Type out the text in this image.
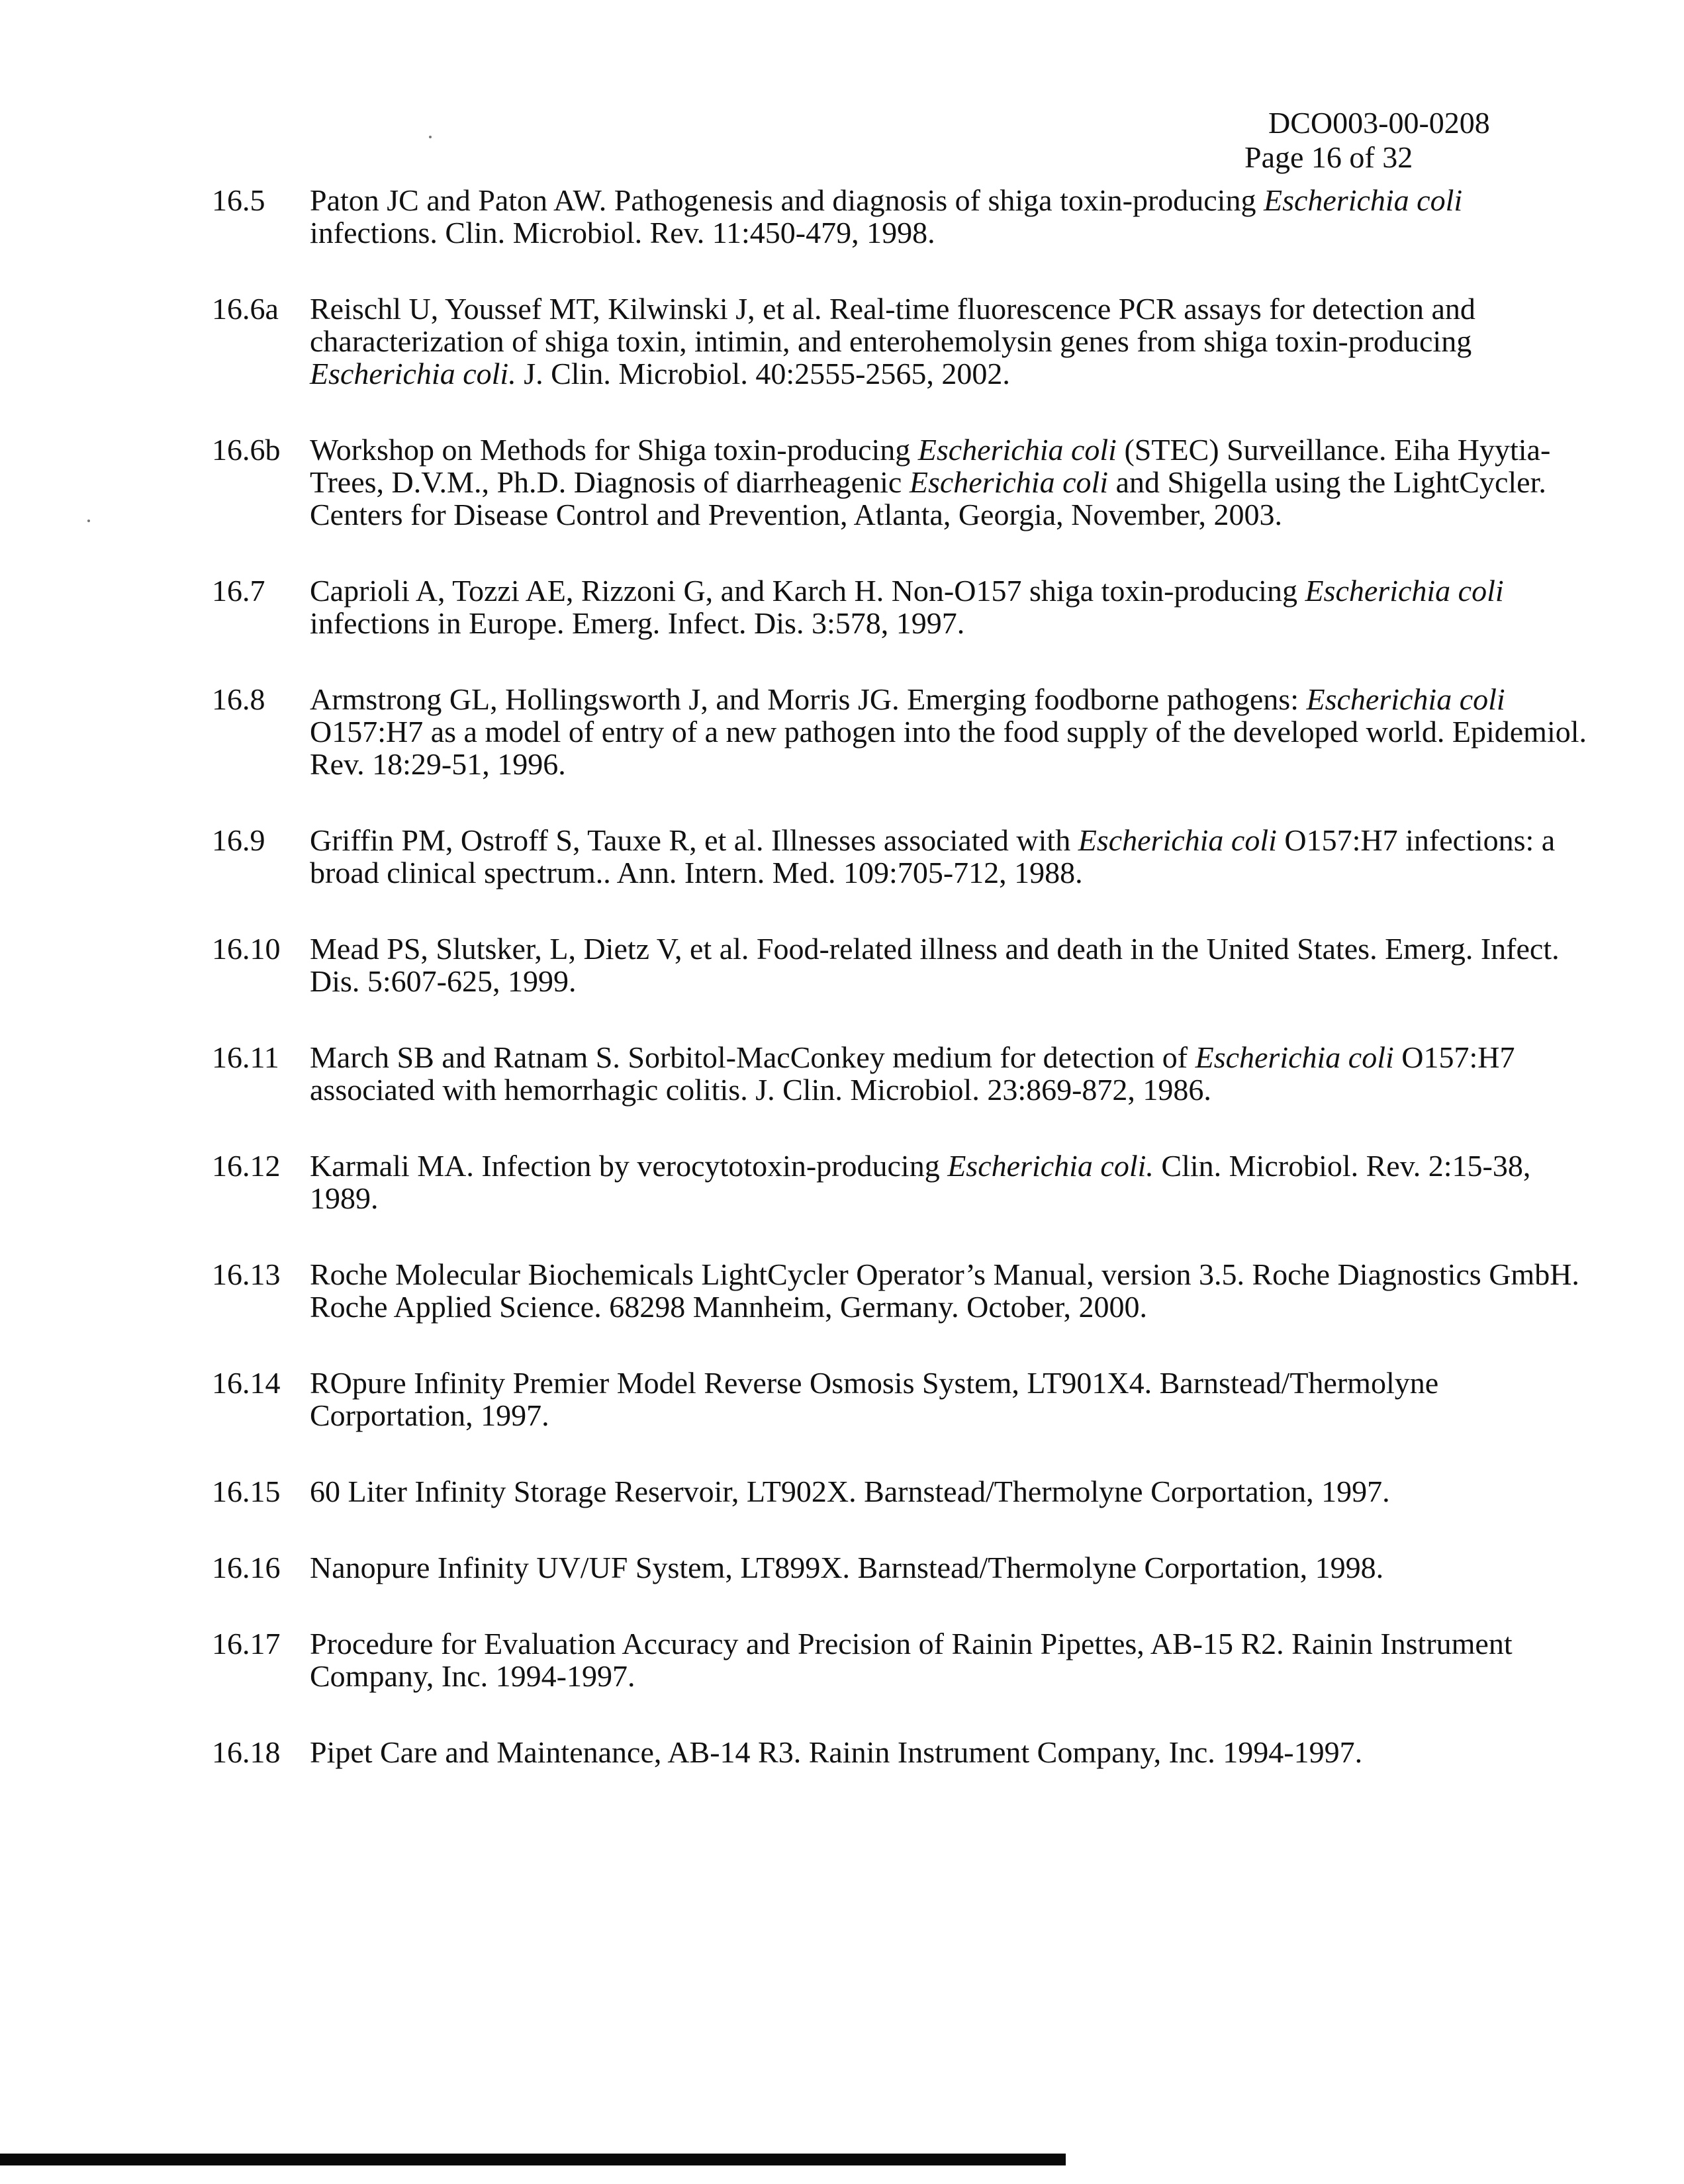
DCO003-00-0208
Page 16 of 32
16.5 Paton JC and Paton AW. Pathogenesis and diagnosis of shiga toxin-producing Escherichia coli infections. Clin. Microbiol. Rev. 11:450-479, 1998.
16.6a Reischl U, Youssef MT, Kilwinski J, et al. Real-time fluorescence PCR assays for detection and characterization of shiga toxin, intimin, and enterohemolysin genes from shiga toxin-producing Escherichia coli. J. Clin. Microbiol. 40:2555-2565, 2002.
16.6b Workshop on Methods for Shiga toxin-producing Escherichia coli (STEC) Surveillance. Eiha Hyytia-Trees, D.V.M., Ph.D. Diagnosis of diarrheagenic Escherichia coli and Shigella using the LightCycler. Centers for Disease Control and Prevention, Atlanta, Georgia, November, 2003.
16.7 Caprioli A, Tozzi AE, Rizzoni G, and Karch H. Non-O157 shiga toxin-producing Escherichia coli infections in Europe. Emerg. Infect. Dis. 3:578, 1997.
16.8 Armstrong GL, Hollingsworth J, and Morris JG. Emerging foodborne pathogens: Escherichia coli O157:H7 as a model of entry of a new pathogen into the food supply of the developed world. Epidemiol. Rev. 18:29-51, 1996.
16.9 Griffin PM, Ostroff S, Tauxe R, et al. Illnesses associated with Escherichia coli O157:H7 infections: a broad clinical spectrum.. Ann. Intern. Med. 109:705-712, 1988.
16.10 Mead PS, Slutsker, L, Dietz V, et al. Food-related illness and death in the United States. Emerg. Infect. Dis. 5:607-625, 1999.
16.11 March SB and Ratnam S. Sorbitol-MacConkey medium for detection of Escherichia coli O157:H7 associated with hemorrhagic colitis. J. Clin. Microbiol. 23:869-872, 1986.
16.12 Karmali MA. Infection by verocytotoxin-producing Escherichia coli. Clin. Microbiol. Rev. 2:15-38, 1989.
16.13 Roche Molecular Biochemicals LightCycler Operator’s Manual, version 3.5. Roche Diagnostics GmbH. Roche Applied Science. 68298 Mannheim, Germany. October, 2000.
16.14 ROpure Infinity Premier Model Reverse Osmosis System, LT901X4. Barnstead/Thermolyne Corportation, 1997.
16.15 60 Liter Infinity Storage Reservoir, LT902X. Barnstead/Thermolyne Corportation, 1997.
16.16 Nanopure Infinity UV/UF System, LT899X. Barnstead/Thermolyne Corportation, 1998.
16.17 Procedure for Evaluation Accuracy and Precision of Rainin Pipettes, AB-15 R2. Rainin Instrument Company, Inc. 1994-1997.
16.18 Pipet Care and Maintenance, AB-14 R3. Rainin Instrument Company, Inc. 1994-1997.
